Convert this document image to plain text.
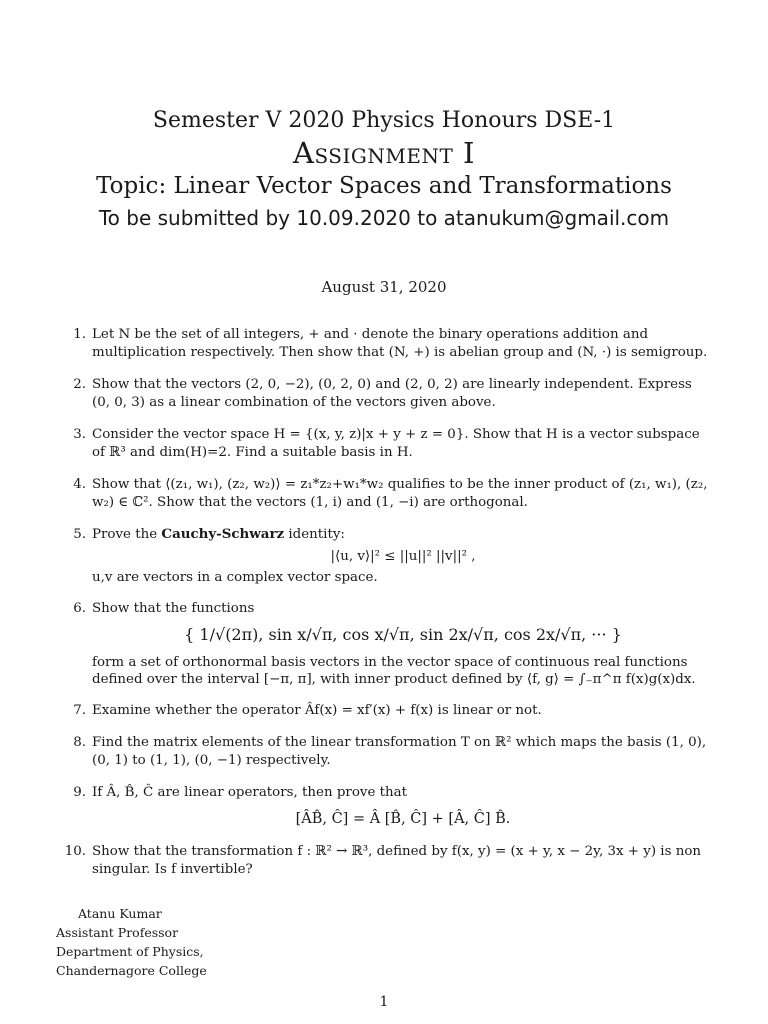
Semester V 2020 Physics Honours DSE-1
Assignment I
Topic: Linear Vector Spaces and Transformations
To be submitted by 10.09.2020 to atanukum@gmail.com
August 31, 2020
1. Let N be the set of all integers, + and · denote the binary operations addition and multiplication respectively. Then show that (N, +) is abelian group and (N, ·) is semigroup.
2. Show that the vectors (2, 0, −2), (0, 2, 0) and (2, 0, 2) are linearly independent. Express (0, 0, 3) as a linear combination of the vectors given above.
3. Consider the vector space H = {(x, y, z)|x + y + z = 0}. Show that H is a vector subspace of ℝ³ and dim(H)=2. Find a suitable basis in H.
4. Show that ⟨(z₁, w₁), (z₂, w₂)⟩ = z₁*z₂+w₁*w₂ qualifies to be the inner product of (z₁, w₁), (z₂, w₂) ∈ ℂ². Show that the vectors (1, i) and (1, −i) are orthogonal.
5. Prove the Cauchy-Schwarz identity:
|⟨u, v⟩|² ≤ ||u||² ||v||² ,
u,v are vectors in a complex vector space.
6. Show that the functions
{ 1/√(2π), sin x/√π, cos x/√π, sin 2x/√π, cos 2x/√π, ··· }
form a set of orthonormal basis vectors in the vector space of continuous real functions defined over the interval [−π, π], with inner product defined by ⟨f, g⟩ = ∫₋π^π f(x)g(x)dx.
7. Examine whether the operator Âf(x) = xf′(x) + f(x) is linear or not.
8. Find the matrix elements of the linear transformation T on ℝ² which maps the basis (1, 0), (0, 1) to (1, 1), (0, −1) respectively.
9. If Â, B̂, Ĉ are linear operators, then prove that
[ÂB̂, Ĉ] = Â [B̂, Ĉ] + [Â, Ĉ] B̂.
10. Show that the transformation f : ℝ² → ℝ³, defined by f(x, y) = (x + y, x − 2y, 3x + y) is non singular. Is f invertible?
Atanu Kumar
Assistant Professor
Department of Physics,
Chandernagore College
1
